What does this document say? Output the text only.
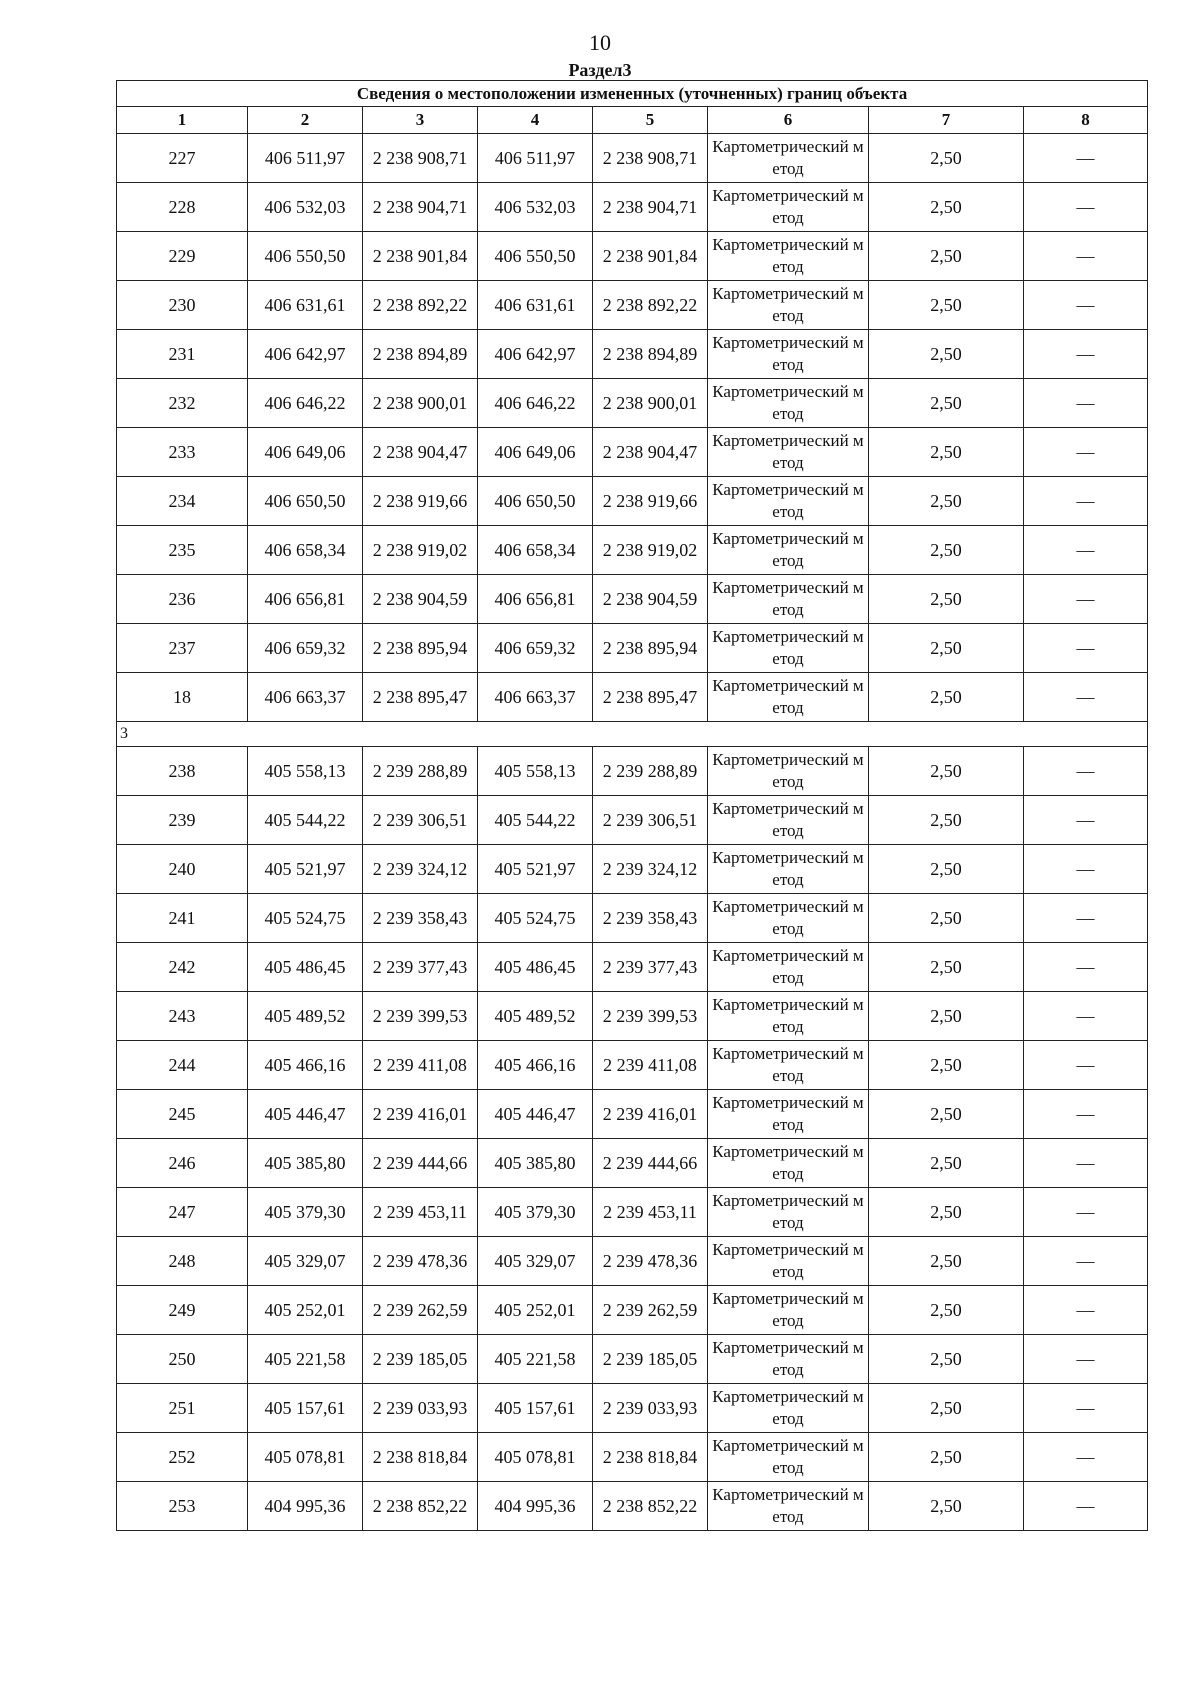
10
Раздел3
Сведения о местоположении измененных (уточненных) границ объекта							
1	2	3	4	5	6	7	8
227	406 511,97	2 238 908,71	406 511,97	2 238 908,71	Картометрический метод	2,50	—
228	406 532,03	2 238 904,71	406 532,03	2 238 904,71	Картометрический метод	2,50	—
229	406 550,50	2 238 901,84	406 550,50	2 238 901,84	Картометрический метод	2,50	—
230	406 631,61	2 238 892,22	406 631,61	2 238 892,22	Картометрический метод	2,50	—
231	406 642,97	2 238 894,89	406 642,97	2 238 894,89	Картометрический метод	2,50	—
232	406 646,22	2 238 900,01	406 646,22	2 238 900,01	Картометрический метод	2,50	—
233	406 649,06	2 238 904,47	406 649,06	2 238 904,47	Картометрический метод	2,50	—
234	406 650,50	2 238 919,66	406 650,50	2 238 919,66	Картометрический метод	2,50	—
235	406 658,34	2 238 919,02	406 658,34	2 238 919,02	Картометрический метод	2,50	—
236	406 656,81	2 238 904,59	406 656,81	2 238 904,59	Картометрический метод	2,50	—
237	406 659,32	2 238 895,94	406 659,32	2 238 895,94	Картометрический метод	2,50	—
18	406 663,37	2 238 895,47	406 663,37	2 238 895,47	Картометрический метод	2,50	—
3							
238	405 558,13	2 239 288,89	405 558,13	2 239 288,89	Картометрический метод	2,50	—
239	405 544,22	2 239 306,51	405 544,22	2 239 306,51	Картометрический метод	2,50	—
240	405 521,97	2 239 324,12	405 521,97	2 239 324,12	Картометрический метод	2,50	—
241	405 524,75	2 239 358,43	405 524,75	2 239 358,43	Картометрический метод	2,50	—
242	405 486,45	2 239 377,43	405 486,45	2 239 377,43	Картометрический метод	2,50	—
243	405 489,52	2 239 399,53	405 489,52	2 239 399,53	Картометрический метод	2,50	—
244	405 466,16	2 239 411,08	405 466,16	2 239 411,08	Картометрический метод	2,50	—
245	405 446,47	2 239 416,01	405 446,47	2 239 416,01	Картометрический метод	2,50	—
246	405 385,80	2 239 444,66	405 385,80	2 239 444,66	Картометрический метод	2,50	—
247	405 379,30	2 239 453,11	405 379,30	2 239 453,11	Картометрический метод	2,50	—
248	405 329,07	2 239 478,36	405 329,07	2 239 478,36	Картометрический метод	2,50	—
249	405 252,01	2 239 262,59	405 252,01	2 239 262,59	Картометрический метод	2,50	—
250	405 221,58	2 239 185,05	405 221,58	2 239 185,05	Картометрический метод	2,50	—
251	405 157,61	2 239 033,93	405 157,61	2 239 033,93	Картометрический метод	2,50	—
252	405 078,81	2 238 818,84	405 078,81	2 238 818,84	Картометрический метод	2,50	—
253	404 995,36	2 238 852,22	404 995,36	2 238 852,22	Картометрический метод	2,50	—
